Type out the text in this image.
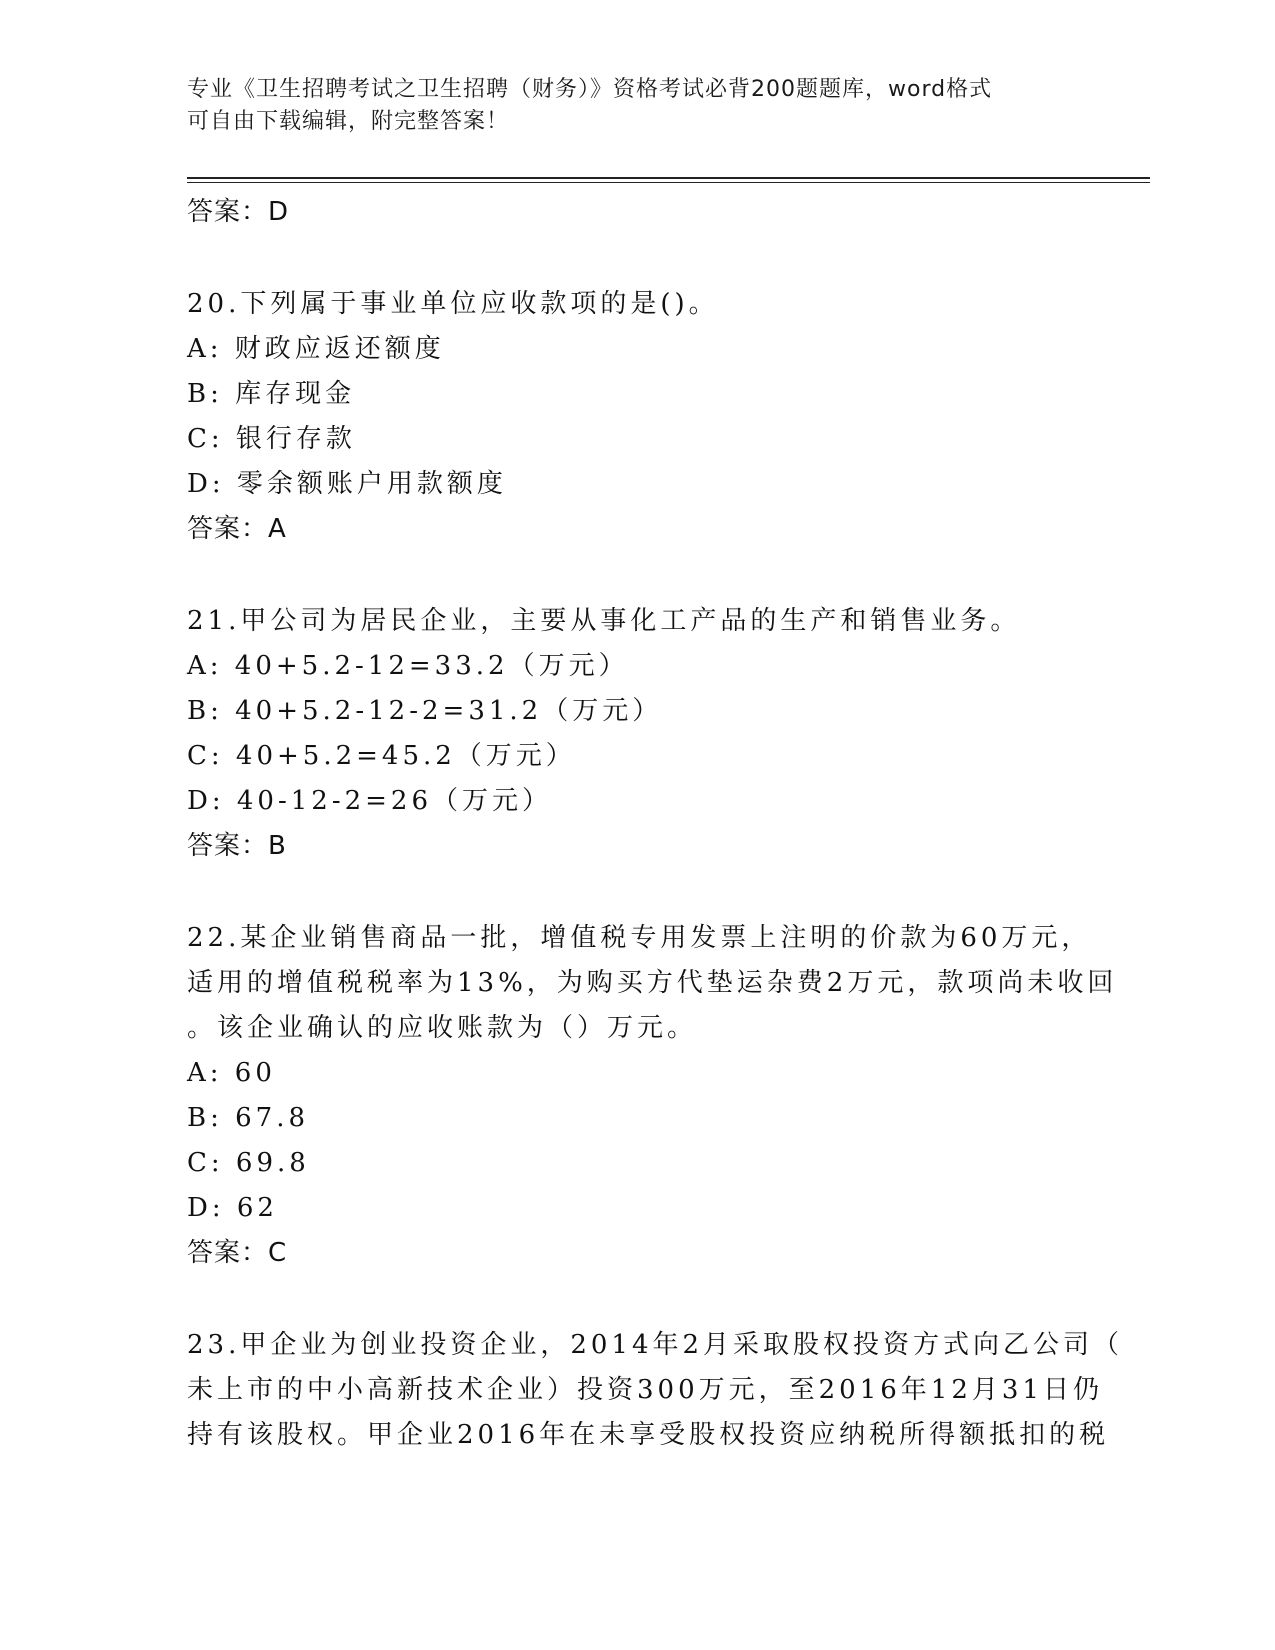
专业《卫生招聘考试之卫生招聘（财务）》资格考试必背200题题库，word格式
可自由下载编辑，附完整答案！
答案：D
20.下列属于事业单位应收款项的是()。
A: 财政应返还额度
B: 库存现金
C: 银行存款
D: 零余额账户用款额度
答案：A
21.甲公司为居民企业，主要从事化工产品的生产和销售业务。
A: 40+5.2-12=33.2（万元）
B: 40+5.2-12-2=31.2（万元）
C: 40+5.2=45.2（万元）
D: 40-12-2=26（万元）
答案：B
22.某企业销售商品一批，增值税专用发票上注明的价款为60万元，
适用的增值税税率为13%，为购买方代垫运杂费2万元，款项尚未收回
。该企业确认的应收账款为（）万元。
A: 60
B: 67.8
C: 69.8
D: 62
答案：C
23.甲企业为创业投资企业，2014年2月采取股权投资方式向乙公司（
未上市的中小高新技术企业）投资300万元，至2016年12月31日仍
持有该股权。甲企业2016年在未享受股权投资应纳税所得额抵扣的税
